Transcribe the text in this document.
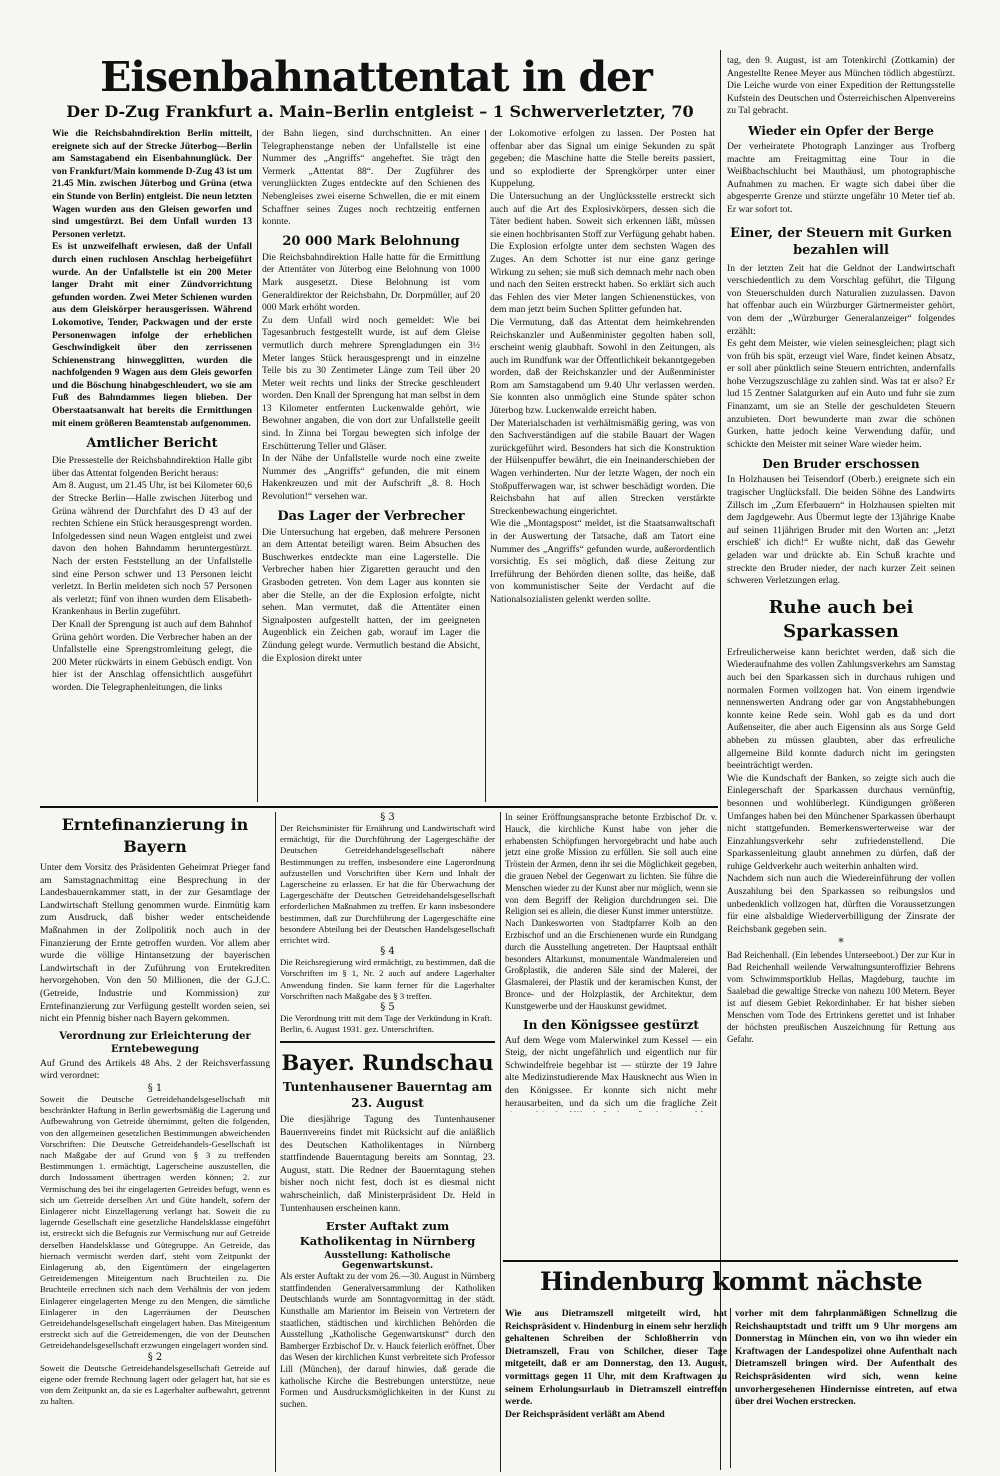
Eisenbahnattentat in der
Der D-Zug Frankfurt a. Main–Berlin entgleist – 1 Schwerverletzter, 70

Wie die Reichsbahndirektion Berlin mitteilt, ereignete sich auf der Strecke Jüterbog—Berlin am Samstagabend ein Eisenbahnunglück. Der von Frankfurt/Main kommende D-Zug 43 ist um 21.45 Min. zwischen Jüterbog und Grüna (etwa ein Stunde von Berlin) entgleist. Die neun letzten Wagen wurden aus den Gleisen geworfen und sind umgestürzt. Bei dem Unfall wurden 13 Personen verletzt.

Es ist unzweifelhaft erwiesen, daß der Unfall durch einen ruchlosen Anschlag herbeigeführt wurde. An der Unfallstelle ist ein 200 Meter langer Draht mit einer Zündvorrichtung gefunden worden. Zwei Meter Schienen wurden aus dem Gleiskörper herausgerissen. Während Lokomotive, Tender, Packwagen und der erste Personenwagen infolge der erheblichen Geschwindigkeit über den zerrissenen Schienenstrang hinwegglitten, wurden die nachfolgenden 9 Wagen aus dem Gleis geworfen und die Böschung hinabgeschleudert, wo sie am Fuß des Bahndammes liegen blieben. Der Oberstaatsanwalt hat bereits die Ermittlungen mit einem größeren Beamtenstab aufgenommen.

Amtlicher Bericht

Die Pressestelle der Reichsbahndirektion Halle gibt über das Attentat folgenden Bericht heraus:

Am 8. August, um 21.45 Uhr, ist bei Kilometer 60,6 der Strecke Berlin—Halle zwischen Jüterbog und Grüna während der Durchfahrt des D 43 auf der rechten Schiene ein Stück herausgesprengt worden. Infolgedessen sind neun Wagen entgleist und zwei davon den hohen Bahndamm heruntergestürzt. Nach der ersten Feststellung an der Unfallstelle sind eine Person schwer und 13 Personen leicht verletzt. In Berlin meldeten sich noch 57 Personen als verletzt; fünf von ihnen wurden dem Elisabeth-Krankenhaus in Berlin zugeführt.

Der Knall der Sprengung ist auch auf dem Bahnhof Grüna gehört worden. Die Verbrecher haben an der Unfallstelle eine Sprengstromleitung gelegt, die 200 Meter rückwärts in einem Gebüsch endigt. Von hier ist der Anschlag offensichtlich ausgeführt worden. Die Telegraphenleitungen, die links

der Bahn liegen, sind durchschnitten. An einer Telegraphenstange neben der Unfallstelle ist eine Nummer des „Angriffs“ angeheftet. Sie trägt den Vermerk „Attentat 88“. Der Zugführer des verunglückten Zuges entdeckte auf den Schienen des Nebengleises zwei eiserne Schwellen, die er mit einem Schaffner seines Zuges noch rechtzeitig entfernen konnte.

20 000 Mark Belohnung

Die Reichsbahndirektion Halle hatte für die Ermittlung der Attentäter von Jüterbog eine Belohnung von 1000 Mark ausgesetzt. Diese Belohnung ist vom Generaldirektor der Reichsbahn, Dr. Dorpmüller, auf 20 000 Mark erhöht worden.

Zu dem Unfall wird noch gemeldet: Wie bei Tagesanbruch festgestellt wurde, ist auf dem Gleise vermutlich durch mehrere Sprengladungen ein 3½ Meter langes Stück herausgesprengt und in einzelne Teile bis zu 30 Zentimeter Länge zum Teil über 20 Meter weit rechts und links der Strecke geschleudert worden. Den Knall der Sprengung hat man selbst in dem 13 Kilometer entfernten Luckenwalde gehört, wie Bewohner angaben, die von dort zur Unfallstelle geeilt sind. In Zinna bei Torgau bewegten sich infolge der Erschütterung Teller und Gläser.

In der Nähe der Unfallstelle wurde noch eine zweite Nummer des „Angriffs“ gefunden, die mit einem Hakenkreuzen und mit der Aufschrift „8. 8. Hoch Revolution!“ versehen war.

Das Lager der Verbrecher

Die Untersuchung hat ergeben, daß mehrere Personen an dem Attentat beteiligt waren. Beim Absuchen des Buschwerkes entdeckte man eine Lagerstelle. Die Verbrecher haben hier Zigaretten geraucht und den Grasboden getreten. Von dem Lager aus konnten sie aber die Stelle, an der die Explosion erfolgte, nicht sehen. Man vermutet, daß die Attentäter einen Signalposten aufgestellt hatten, der im geeigneten Augenblick ein Zeichen gab, worauf im Lager die Zündung gelegt wurde. Vermutlich bestand die Absicht, die Explosion direkt unter

der Lokomotive erfolgen zu lassen. Der Posten hat offenbar aber das Signal um einige Sekunden zu spät gegeben; die Maschine hatte die Stelle bereits passiert, und so explodierte der Sprengkörper unter einer Kuppelung.

Die Untersuchung an der Unglücksstelle erstreckt sich auch auf die Art des Explosivkörpers, dessen sich die Täter bedient haben. Soweit sich erkennen läßt, müssen sie einen hochbrisanten Stoff zur Verfügung gehabt haben. Die Explosion erfolgte unter dem sechsten Wagen des Zuges. An dem Schotter ist nur eine ganz geringe Wirkung zu sehen; sie muß sich demnach mehr nach oben und nach den Seiten erstreckt haben. So erklärt sich auch das Fehlen des vier Meter langen Schienenstückes, von dem man jetzt beim Suchen Splitter gefunden hat.

Die Vermutung, daß das Attentat dem heimkehrenden Reichskanzler und Außenminister gegolten haben soll, erscheint wenig glaubhaft. Sowohl in den Zeitungen, als auch im Rundfunk war der Öffentlichkeit bekanntgegeben worden, daß der Reichskanzler und der Außenminister Rom am Samstagabend um 9.40 Uhr verlassen werden. Sie konnten also unmöglich eine Stunde später schon Jüterbog bzw. Luckenwalde erreicht haben.

Der Materialschaden ist verhältnismäßig gering, was von den Sachverständigen auf die stabile Bauart der Wagen zurückgeführt wird. Besonders hat sich die Konstruktion der Hülsenpuffer bewährt, die ein Ineinanderschieben der Wagen verhinderten. Nur der letzte Wagen, der noch ein Stoßpufferwagen war, ist schwer beschädigt worden. Die Reichsbahn hat auf allen Strecken verstärkte Streckenbewachung eingerichtet.

Wie die „Montagspost“ meldet, ist die Staatsanwaltschaft in der Auswertung der Tatsache, daß am Tatort eine Nummer des „Angriffs“ gefunden wurde, außerordentlich vorsichtig. Es sei möglich, daß diese Zeitung zur Irreführung der Behörden dienen sollte, das heiße, daß von kommunistischer Seite der Verdacht auf die Nationalsozialisten gelenkt werden sollte.

tag, den 9. August, ist am Totenkirchl (Zottkamin) der Angestellte Renee Meyer aus München tödlich abgestürzt. Die Leiche wurde von einer Expedition der Rettungsstelle Kufstein des Deutschen und Österreichischen Alpenvereins zu Tal gebracht.

Wieder ein Opfer der Berge

Der verheiratete Photograph Lanzinger aus Trofberg machte am Freitagmittag eine Tour in die Weißbachschlucht bei Mauthäusl, um photographische Aufnahmen zu machen. Er wagte sich dabei über die abgesperrte Grenze und stürzte ungefähr 10 Meter tief ab. Er war sofort tot.

Einer, der Steuern mit Gurken bezahlen will

In der letzten Zeit hat die Geldnot der Landwirtschaft verschiedentlich zu dem Vorschlag geführt, die Tilgung von Steuerschulden durch Naturalien zuzulassen. Davon hat offenbar auch ein Würzburger Gärtnermeister gehört, von dem der „Würzburger Generalanzeiger“ folgendes erzählt:

Es geht dem Meister, wie vielen seinesgleichen; plagt sich von früh bis spät, erzeugt viel Ware, findet keinen Absatz, er soll aber pünktlich seine Steuern entrichten, andernfalls hohe Verzugszuschläge zu zahlen sind. Was tat er also? Er lud 15 Zentner Salatgurken auf ein Auto und fuhr sie zum Finanzamt, um sie an Stelle der geschuldeten Steuern anzubieten. Dort bewunderte man zwar die schönen Gurken, hatte jedoch keine Verwendung dafür, und schickte den Meister mit seiner Ware wieder heim.

Den Bruder erschossen

In Holzhausen bei Teisendorf (Oberb.) ereignete sich ein tragischer Unglücksfall. Die beiden Söhne des Landwirts Zillsch im „Zum Eferbauern“ in Holzhausen spielten mit dem Jagdgewehr. Aus Übermut legte der 13jährige Knabe auf seinen 11jährigen Bruder mit den Worten an: „Jetzt erschieß' ich dich!“ Er wußte nicht, daß das Gewehr geladen war und drückte ab. Ein Schuß krachte und streckte den Bruder nieder, der nach kurzer Zeit seinen schweren Verletzungen erlag.

Ruhe auch bei Sparkassen

Erfreulicherweise kann berichtet werden, daß sich die Wiederaufnahme des vollen Zahlungsverkehrs am Samstag auch bei den Sparkassen sich in durchaus ruhigen und normalen Formen vollzogen hat. Von einem irgendwie nennenswerten Andrang oder gar von Angstabhebungen konnte keine Rede sein. Wohl gab es da und dort Außenseiter, die aber auch Eigensinn als aus Sorge Geld abheben zu müssen glaubten, aber das erfreuliche allgemeine Bild konnte dadurch nicht im geringsten beeinträchtigt werden.

Wie die Kundschaft der Banken, so zeigte sich auch die Einlegerschaft der Sparkassen durchaus vernünftig, besonnen und wohlüberlegt. Kündigungen größeren Umfanges haben bei den Münchener Sparkassen überhaupt nicht stattgefunden. Bemerkenswerterweise war der Einzahlungsverkehr sehr zufriedenstellend. Die Sparkassenleitung glaubt annehmen zu dürfen, daß der ruhige Geldverkehr auch weiterhin anhalten wird.

Nachdem sich nun auch die Wiedereinführung der vollen Auszahlung bei den Sparkassen so reibungslos und unbedenklich vollzogen hat, dürften die Voraussetzungen für eine alsbaldige Wiederverbilligung der Zinsrate der Reichsbank gegeben sein.

*

Bad Reichenhall. (Ein lebendes Unterseeboot.) Der zur Kur in Bad Reichenhall weilende Verwaltungsunteroffizier Behrens vom Schwimmsportklub Hellas, Magdeburg, tauchte im Saalebad die gewaltige Strecke von nahezu 100 Metern. Beyer ist auf diesem Gebiet Rekordinhaber. Er hat bisher sieben Menschen vom Tode des Ertrinkens gerettet und ist Inhaber der höchsten preußischen Auszeichnung für Rettung aus Gefahr.

Erntefinanzierung in Bayern

Unter dem Vorsitz des Präsidenten Geheimrat Prieger fand am Samstagnachmittag eine Besprechung in der Landesbauernkammer statt, in der zur Gesamtlage der Landwirtschaft Stellung genommen wurde. Einmütig kam zum Ausdruck, daß bisher weder entscheidende Maßnahmen in der Zollpolitik noch auch in der Finanzierung der Ernte getroffen wurden. Vor allem aber wurde die völlige Hintansetzung der bayerischen Landwirtschaft in der Zuführung von Erntekrediten hervorgehoben. Von den 50 Millionen, die der G.J.C. (Getreide, Industrie und Kommission) zur Erntefinanzierung zur Verfügung gestellt worden seien, sei nicht ein Pfennig bisher nach Bayern gekommen.

Verordnung zur Erleichterung der Erntebewegung

Auf Grund des Artikels 48 Abs. 2 der Reichsverfassung wird verordnet:

§ 1

Soweit die Deutsche Getreidehandelsgesellschaft mit beschränkter Haftung in Berlin gewerbsmäßig die Lagerung und Aufbewahrung von Getreide übernimmt, gelten die folgenden, von den allgemeinen gesetzlichen Bestimmungen abweichenden Vorschriften: Die Deutsche Getreidehandels-Gesellschaft ist nach Maßgabe der auf Grund von § 3 zu treffenden Bestimmungen 1. ermächtigt, Lagerscheine auszustellen, die durch Indossament übertragen werden können; 2. zur Vermischung des bei ihr eingelagerten Getreides befugt, wenn es sich um Getreide derselben Art und Güte handelt, sofern der Einlagerer nicht Einzellagerung verlangt hat. Soweit die zu lagernde Gesellschaft eine gesetzliche Handelsklasse eingeführt ist, erstreckt sich die Befugnis zur Vermischung nur auf Getreide derselben Handelsklasse und Gütegruppe. An Getreide, das hiernach vermischt werden darf, steht vom Zeitpunkt der Einlagerung ab, den Eigentümern der eingelagerten Getreidemengen Miteigentum nach Bruchteilen zu. Die Bruchteile errechnen sich nach dem Verhältnis der von jedem Einlagerer eingelagerten Menge zu den Mengen, die sämtliche Einlagerer in den Lagerräumen der Deutschen Getreidehandelsgesellschaft eingelagert haben. Das Miteigentum erstreckt sich auf die Getreidemengen, die von der Deutschen Getreidehandelsgesellschaft erzwungen eingelagert worden sind.

§ 2

Soweit die Deutsche Getreidehandelsgesellschaft Getreide auf eigene oder fremde Rechnung lagert oder gelagert hat, hat sie es von dem Zeitpunkt an, da sie es Lagerhalter aufbewahrt, getrennt zu halten.

§ 3

Der Reichsminister für Ernährung und Landwirtschaft wird ermächtigt, für die Durchführung der Lagergeschäfte der Deutschen Getreidehandelsgesellschaft nähere Bestimmungen zu treffen, insbesondere eine Lagerordnung aufzustellen und Vorschriften über Kern und Inhalt der Lagerscheine zu erlassen. Er hat die für Überwachung der Lagergeschäfte der Deutschen Getreidehandelsgesellschaft erforderlichen Maßnahmen zu treffen. Er kann insbesondere bestimmen, daß zur Durchführung der Lagergeschäfte eine besondere Abteilung bei der Deutschen Handelsgesellschaft errichtet wird.

§ 4

Die Reichsregierung wird ermächtigt, zu bestimmen, daß die Vorschriften im § 1, Nr. 2 auch auf andere Lagerhalter Anwendung finden. Sie kann ferner für die Lagerhalter Vorschriften nach Maßgabe des § 3 treffen.

§ 5

Die Verordnung tritt mit dem Tage der Verkündung in Kraft.

Berlin, 6. August 1931. gez. Unterschriften.

Bayer. Rundschau
Tuntenhausener Bauerntag am 23. August

Die diesjährige Tagung des Tuntenhausener Bauernvereins findet mit Rücksicht auf die anläßlich des Deutschen Katholikentages in Nürnberg stattfindende Bauerntagung bereits am Sonntag, 23. August, statt. Die Redner der Bauerntagung stehen bisher noch nicht fest, doch ist es diesmal nicht wahrscheinlich, daß Ministerpräsident Dr. Held in Tuntenhausen erscheinen kann.

Erster Auftakt zum Katholikentag in Nürnberg
Ausstellung: Katholische Gegenwartskunst.

Als erster Auftakt zu der vom 26.—30. August in Nürnberg stattfindenden Generalversammlung der Katholiken Deutschlands wurde am Sonntagvormittag in der städt. Kunsthalle am Marientor im Beisein von Vertretern der staatlichen, städtischen und kirchlichen Behörden die Ausstellung „Katholische Gegenwartskunst“ durch den Bamberger Erzbischof Dr. v. Hauck feierlich eröffnet. Über das Wesen der kirchlichen Kunst verbreitete sich Professor Lill (München), der darauf hinwies, daß gerade die katholische Kirche die Bestrebungen unterstütze, neue Formen und Ausdrucksmöglichkeiten in der Kunst zu suchen.

In seiner Eröffnungsansprache betonte Erzbischof Dr. v. Hauck, die kirchliche Kunst habe von jeher die erhabensten Schöpfungen hervorgebracht und habe auch jetzt eine große Mission zu erfüllen. Sie soll auch eine Tröstein der Armen, denn ihr sei die Möglichkeit gegeben, die grauen Nebel der Gegenwart zu lichten. Sie führe die Menschen wieder zu der Kunst aber nur möglich, wenn sie von dem Begriff der Religion durchdrungen sei. Die Religion sei es allein, die dieser Kunst immer unterstütze.

Nach Dankesworten von Stadtpfarrer Kolb an den Erzbischof und an die Erschienenen wurde ein Rundgang durch die Ausstellung angetreten. Der Hauptsaal enthält besonders Altarkunst, monumentale Wandmalereien und Großplastik, die anderen Säle sind der Malerei, der Glasmalerei, der Plastik und der keramischen Kunst, der Bronce- und der Holzplastik, der Architektur, dem Kunstgewerbe und der Hauskunst gewidmet.

In den Königssee gestürzt

Auf dem Wege vom Malerwinkel zum Kessel — ein Steig, der nicht ungefährlich und eigentlich nur für Schwindelfreie begehbar ist — stürzte der 19 Jahre alte Medizinstudierende Max Hausknecht aus Wien in den Königssee. Er konnte sich nicht mehr herausarbeiten, und da sich um die fragliche Zeit

Hindenburg kommt nächste

Wie aus Dietramszell mitgeteilt wird, hat Reichspräsident v. Hindenburg in einem sehr herzlich gehaltenen Schreiben der Schloßherrin von Dietramszell, Frau von Schilcher, dieser Tage mitgeteilt, daß er am Donnerstag, den 13. August, vormittags gegen 11 Uhr, mit dem Kraftwagen zu seinem Erholungsurlaub in Dietramszell eintreffen werde.

Der Reichspräsident verläßt am Abend

vorher mit dem fahrplanmäßigen Schnellzug die Reichshauptstadt und trifft um 9 Uhr morgens am Donnerstag in München ein, von wo ihn wieder ein Kraftwagen der Landespolizei ohne Aufenthalt nach Dietramszell bringen wird. Der Aufenthalt des Reichspräsidenten wird sich, wenn keine unvorhergesehenen Hindernisse eintreten, auf etwa über drei Wochen erstrecken.
